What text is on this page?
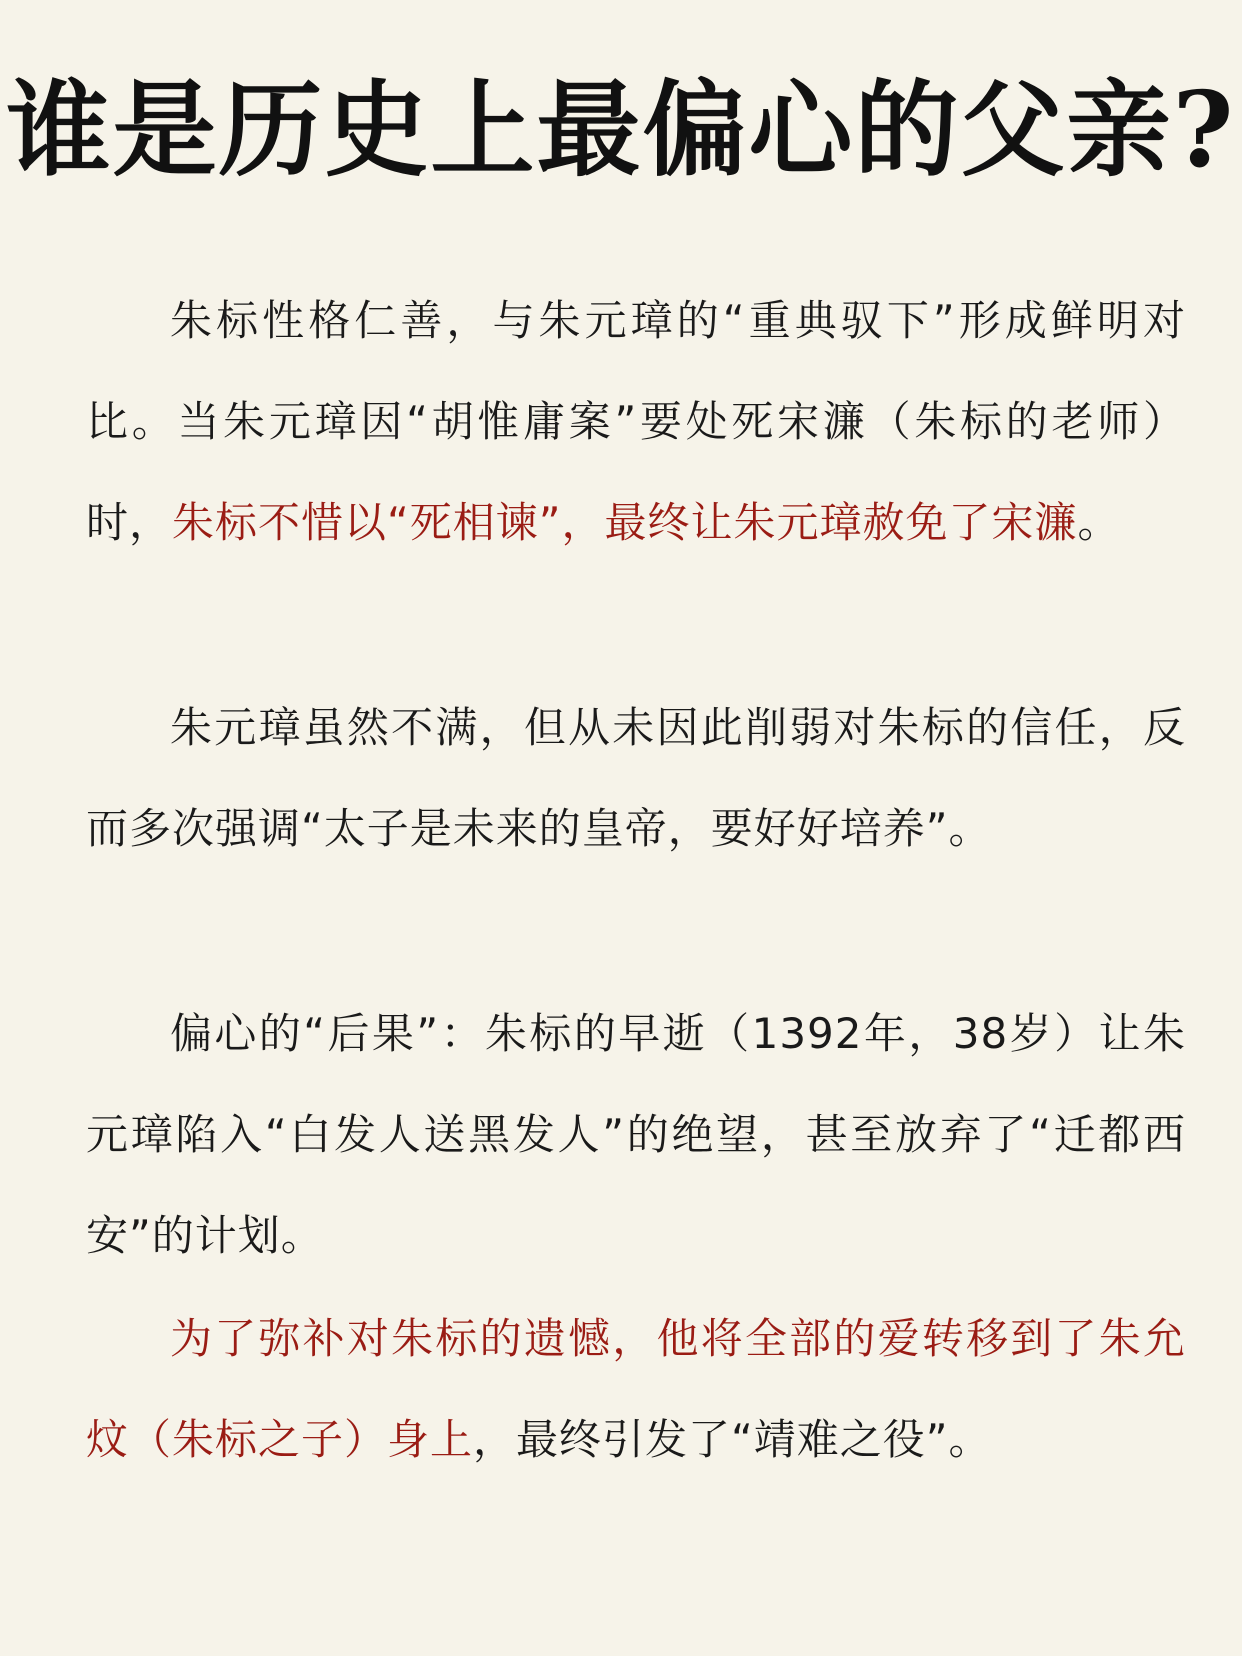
谁是历史上最偏心的父亲?

朱标性格仁善，与朱元璋的“重典驭下”形成鲜明对比。当朱元璋因“胡惟庸案”要处死宋濂（朱标的老师）时，朱标不惜以“死相谏”，最终让朱元璋赦免了宋濂。

朱元璋虽然不满，但从未因此削弱对朱标的信任，反而多次强调“太子是未来的皇帝，要好好培养”。

偏心的“后果”：朱标的早逝（1392年，38岁）让朱元璋陷入“白发人送黑发人”的绝望，甚至放弃了“迁都西安”的计划。

为了弥补对朱标的遗憾，他将全部的爱转移到了朱允炆（朱标之子）身上，最终引发了“靖难之役”。
